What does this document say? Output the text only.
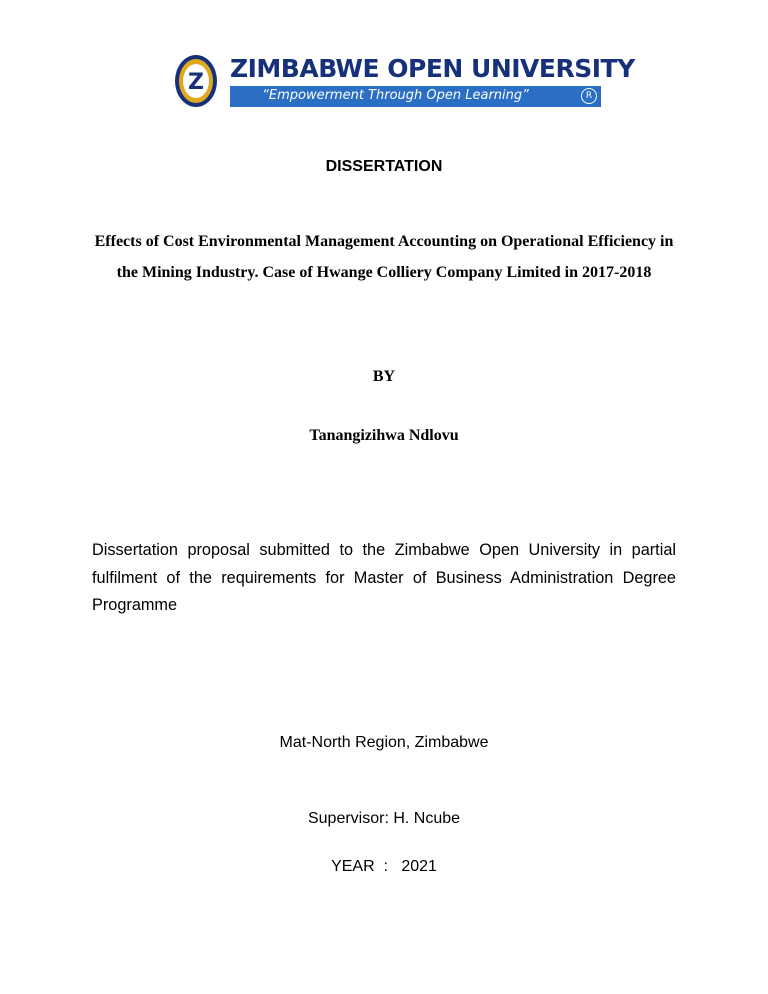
Z ZIMBABWE OPEN UNIVERSITY
“Empowerment Through Open Learning”	R
DISSERTATION
Effects of Cost Environmental Management Accounting on Operational Efficiency in the Mining Industry. Case of Hwange Colliery Company Limited in 2017-2018
BY
Tanangizihwa Ndlovu
Dissertation proposal submitted to the Zimbabwe Open University in partial fulfilment of the requirements for Master of Business Administration Degree Programme
Mat-North Region, Zimbabwe
Supervisor: H. Ncube
YEAR  :   2021
